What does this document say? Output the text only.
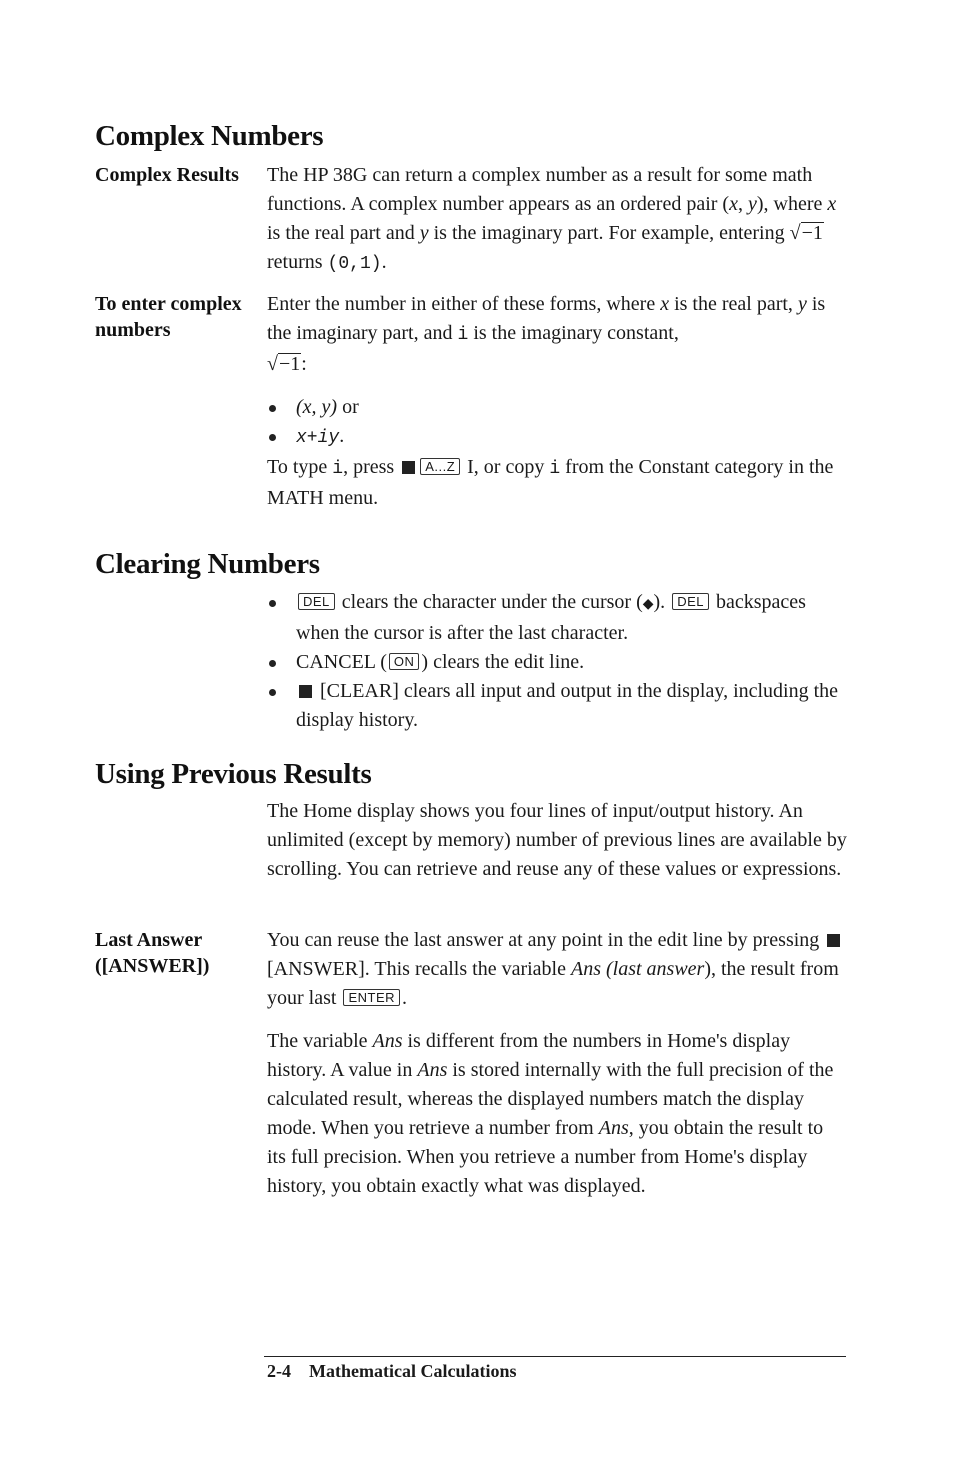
Complex Numbers

Complex Results	The HP 38G can return a complex number as a result for some math functions. A complex number appears as an ordered pair (x, y), where x is the real part and y is the imaginary part. For example, entering √−1 returns (0,1).

To enter complex numbers

Enter the number in either of these forms, where x is the real part, y is the imaginary part, and i is the imaginary constant,
√−1:

(x, y) or
x+iy.

To type i, press A...Z I, or copy i from the Constant category in the MATH menu.

Clearing Numbers
DEL clears the character under the cursor (◆). DEL backspaces when the cursor is after the last character.
CANCEL ( ON ) clears the edit line.
[CLEAR] clears all input and output in the display, including the display history.
Using Previous Results

The Home display shows you four lines of input/output history. An unlimited (except by memory) number of previous lines are available by scrolling. You can retrieve and reuse any of these values or expressions.

Last Answer
([ANSWER])

You can reuse the last answer at any point in the edit line by pressing  [ANSWER]. This recalls the variable Ans (last answer), the result from your last ENTER .

The variable Ans is different from the numbers in Home's display history. A value in Ans is stored internally with the full precision of the calculated result, whereas the displayed numbers match the display mode. When you retrieve a number from Ans, you obtain the result to its full precision. When you retrieve a number from Home's display history, you obtain exactly what was displayed.

2-4 Mathematical Calculations
